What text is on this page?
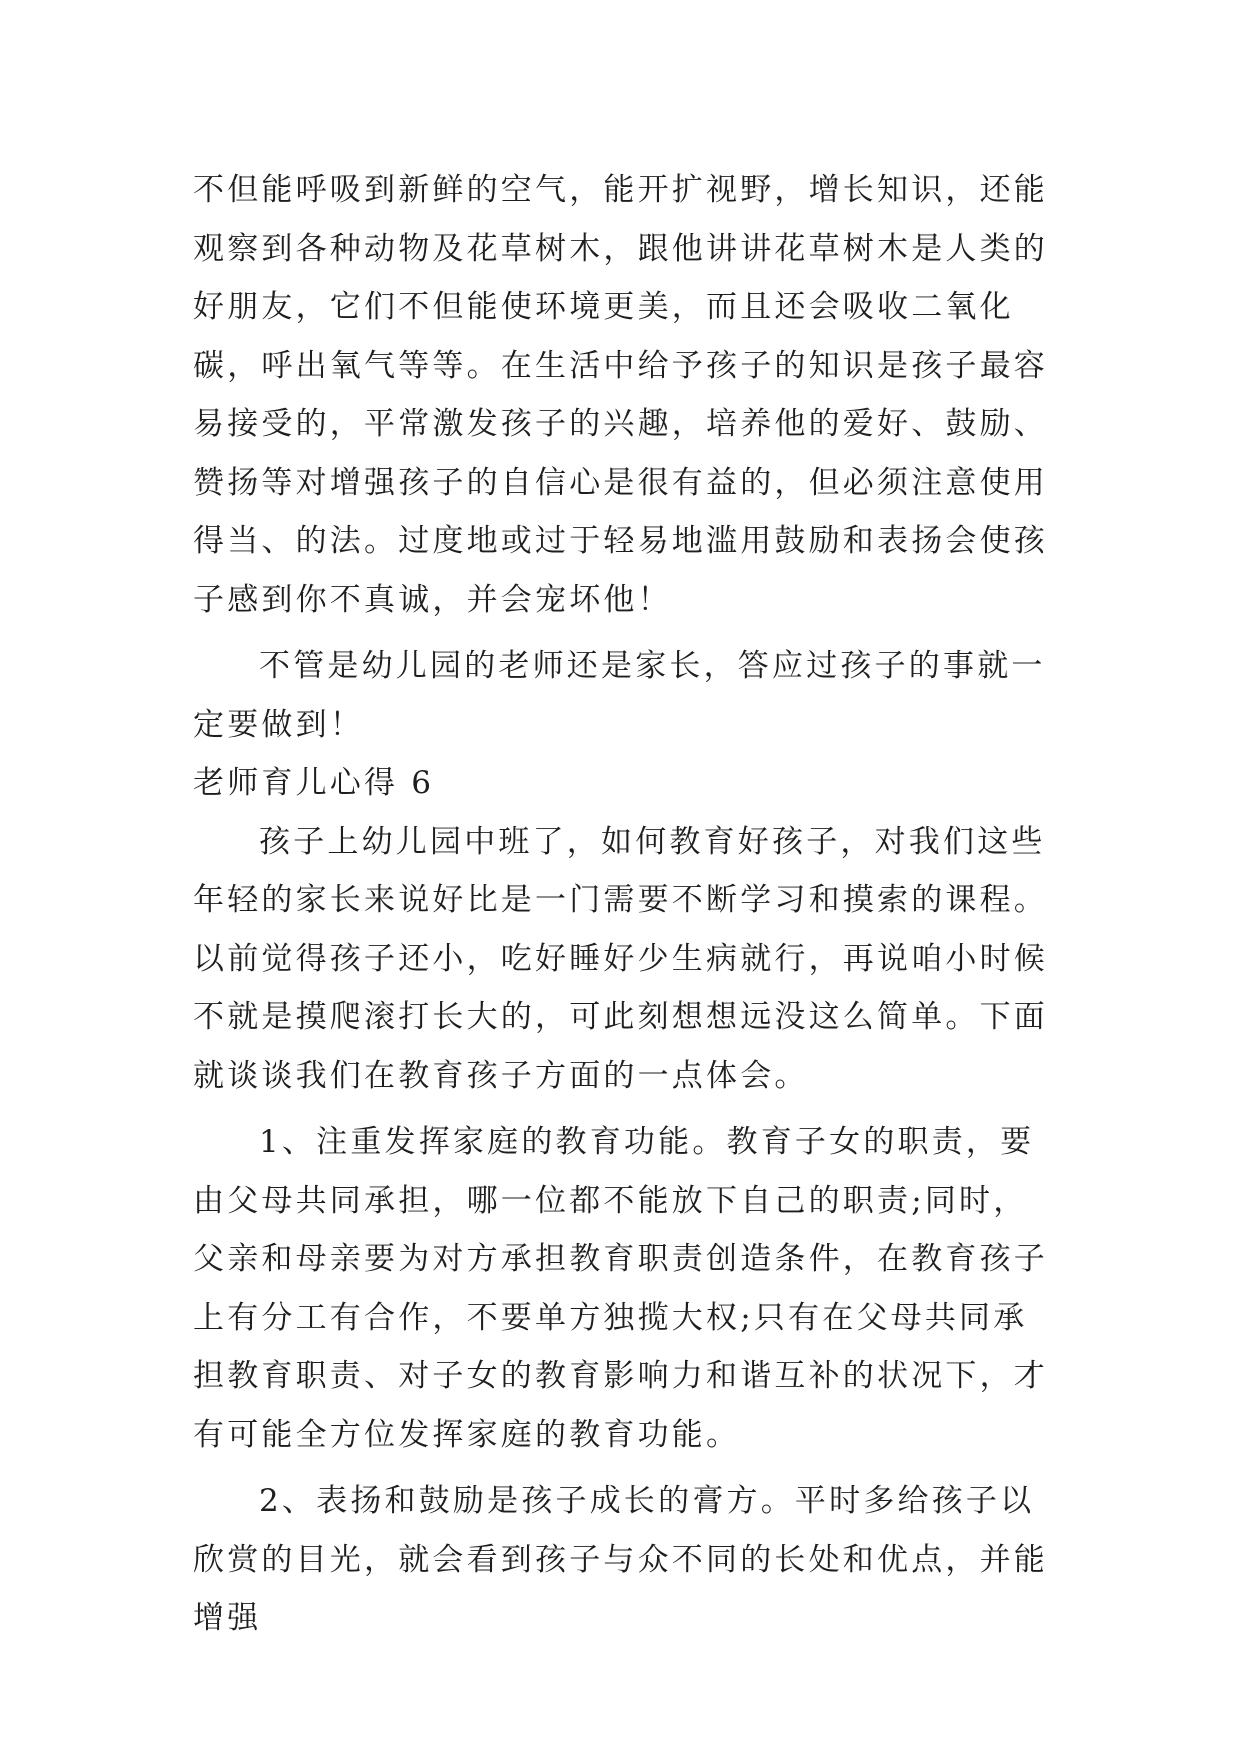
不但能呼吸到新鲜的空气，能开扩视野，增长知识，还能观察到各种动物及花草树木，跟他讲讲花草树木是人类的好朋友，它们不但能使环境更美，而且还会吸收二氧化碳，呼出氧气等等。在生活中给予孩子的知识是孩子最容易接受的，平常激发孩子的兴趣，培养他的爱好、鼓励、赞扬等对增强孩子的自信心是很有益的，但必须注意使用得当、的法。过度地或过于轻易地滥用鼓励和表扬会使孩子感到你不真诚，并会宠坏他！

不管是幼儿园的老师还是家长，答应过孩子的事就一定要做到！

老师育儿心得 6

孩子上幼儿园中班了，如何教育好孩子，对我们这些年轻的家长来说好比是一门需要不断学习和摸索的课程。以前觉得孩子还小，吃好睡好少生病就行，再说咱小时候不就是摸爬滚打长大的，可此刻想想远没这么简单。下面就谈谈我们在教育孩子方面的一点体会。

1、注重发挥家庭的教育功能。教育子女的职责，要由父母共同承担，哪一位都不能放下自己的职责;同时，父亲和母亲要为对方承担教育职责创造条件，在教育孩子上有分工有合作，不要单方独揽大权;只有在父母共同承担教育职责、对子女的教育影响力和谐互补的状况下，才有可能全方位发挥家庭的教育功能。

2、表扬和鼓励是孩子成长的膏方。平时多给孩子以欣赏的目光，就会看到孩子与众不同的长处和优点，并能增强
